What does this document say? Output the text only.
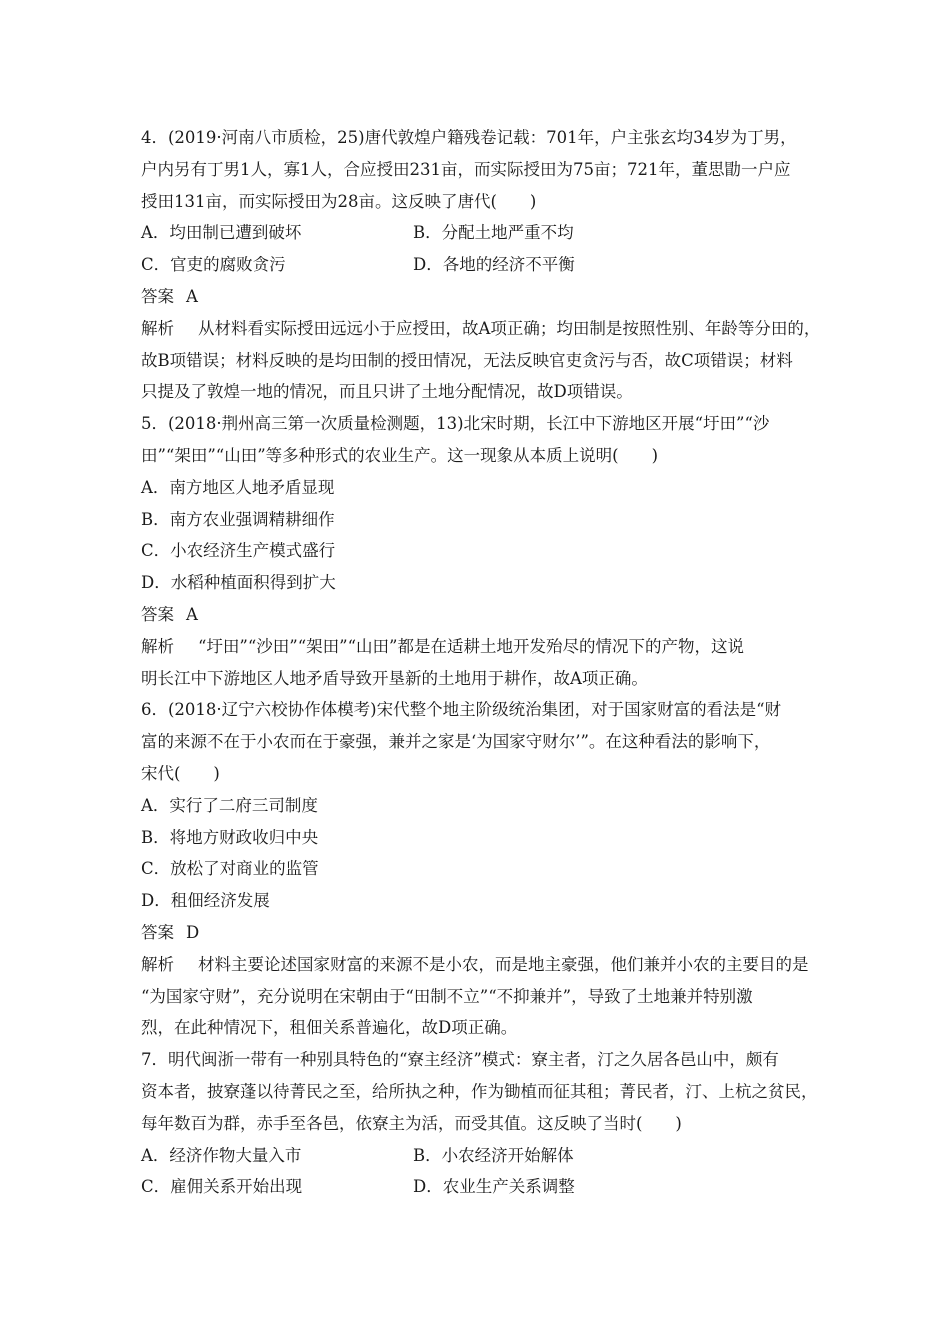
4．(2019·河南八市质检，25)唐代敦煌户籍残卷记载：701年，户主张玄均34岁为丁男，
户内另有丁男1人，寡1人，合应授田231亩，而实际授田为75亩；721年，董思勖一户应
授田131亩，而实际授田为28亩。这反映了唐代(　　)
A．均田制已遭到破坏	B．分配土地严重不均
C．官吏的腐败贪污	D．各地的经济不平衡
答案 A
解析 从材料看实际授田远远小于应授田，故A项正确；均田制是按照性别、年龄等分田的，
故B项错误；材料反映的是均田制的授田情况，无法反映官吏贪污与否，故C项错误；材料
只提及了敦煌一地的情况，而且只讲了土地分配情况，故D项错误。
5．(2018·荆州高三第一次质量检测题，13)北宋时期，长江中下游地区开展“圩田”“沙
田”“架田”“山田”等多种形式的农业生产。这一现象从本质上说明(　　)
A．南方地区人地矛盾显现
B．南方农业强调精耕细作
C．小农经济生产模式盛行
D．水稻种植面积得到扩大
答案 A
解析 “圩田”“沙田”“架田”“山田”都是在适耕土地开发殆尽的情况下的产物，这说
明长江中下游地区人地矛盾导致开垦新的土地用于耕作，故A项正确。
6．(2018·辽宁六校协作体模考)宋代整个地主阶级统治集团，对于国家财富的看法是“财
富的来源不在于小农而在于豪强，兼并之家是‘为国家守财尔’”。在这种看法的影响下，
宋代(　　)
A．实行了二府三司制度
B．将地方财政收归中央
C．放松了对商业的监管
D．租佃经济发展
答案 D
解析 材料主要论述国家财富的来源不是小农，而是地主豪强，他们兼并小农的主要目的是
“为国家守财”，充分说明在宋朝由于“田制不立”“不抑兼并”，导致了土地兼并特别激
烈，在此种情况下，租佃关系普遍化，故D项正确。
7．明代闽浙一带有一种别具特色的“寮主经济”模式：寮主者，汀之久居各邑山中，颇有
资本者，披寮蓬以待菁民之至，给所执之种，作为锄植而征其租；菁民者，汀、上杭之贫民，
每年数百为群，赤手至各邑，依寮主为活，而受其值。这反映了当时(　　)
A．经济作物大量入市	B．小农经济开始解体
C．雇佣关系开始出现	D．农业生产关系调整
